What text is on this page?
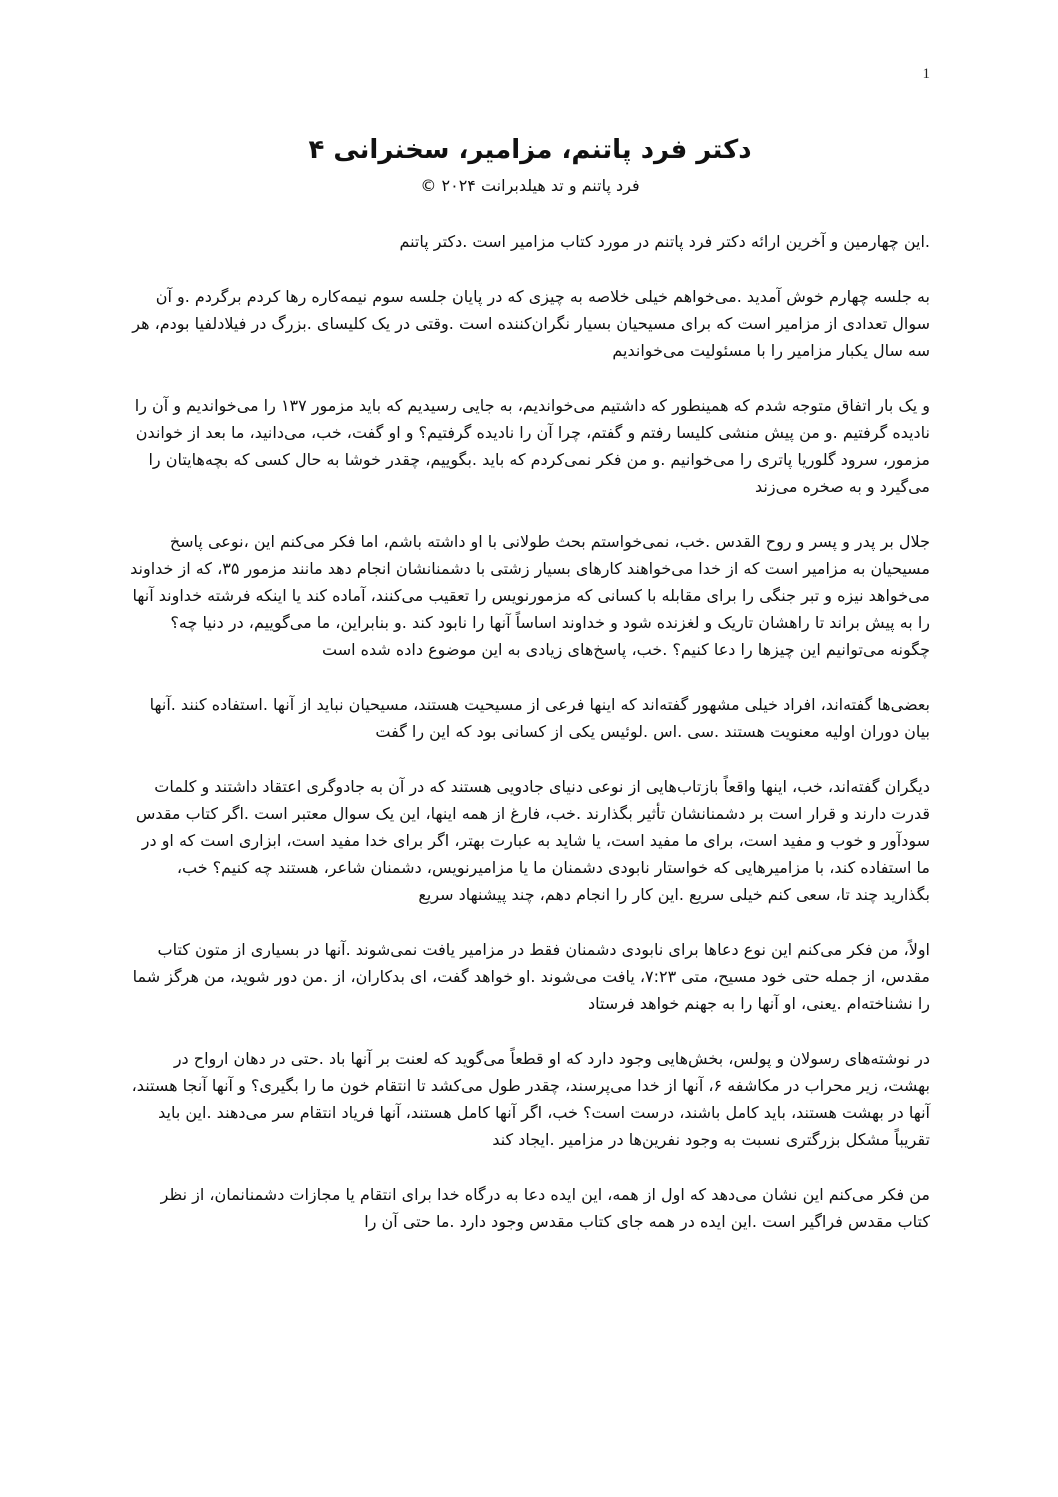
1
دکتر فرد پاتنم، مزامیر، سخنرانی ۴

فرد پاتنم و تد هیلدبرانت ۲۰۲۴ ©

.این چهارمین و آخرین ارائه دکتر فرد پاتنم در مورد کتاب مزامیر است .دکتر پاتنم

به جلسه چهارم خوش آمدید .می‌خواهم خیلی خلاصه به چیزی که در پایان جلسه سوم نیمه‌کاره رها کردم برگردم .و آن سوال تعدادی از مزامیر است که برای مسیحیان بسیار نگران‌کننده است .وقتی در یک کلیسای .بزرگ در فیلادلفیا بودم، هر سه سال یکبار مزامیر را با مسئولیت می‌خواندیم

و یک بار اتفاق متوجه شدم که همینطور که داشتیم می‌خواندیم، به جایی رسیدیم که باید مزمور ۱۳۷ را می‌خواندیم و آن را نادیده گرفتیم .و من پیش منشی کلیسا رفتم و گفتم، چرا آن را نادیده گرفتیم؟ و او گفت، خب، می‌دانید، ما بعد از خواندن مزمور، سرود گلوریا پاتری را می‌خوانیم .و من فکر نمی‌کردم که باید .بگوییم، چقدر خوشا به حال کسی که بچه‌هایتان را می‌گیرد و به صخره می‌زند

جلال بر پدر و پسر و روح القدس .خب، نمی‌خواستم بحث طولانی با او داشته باشم، اما فکر می‌کنم این ،نوعی پاسخ مسیحیان به مزامیر است که از خدا می‌خواهند کارهای بسیار زشتی با دشمنانشان انجام دهد مانند مزمور ۳۵، که از خداوند می‌خواهد نیزه و تبر جنگی را برای مقابله با کسانی که مزمورنویس را تعقیب می‌کنند، آماده کند یا اینکه فرشته خداوند آنها را به پیش براند تا راهشان تاریک و لغزنده شود و خداوند اساساً آنها را نابود کند .و بنابراین، ما می‌گوییم، در دنیا چه؟ چگونه می‌توانیم این چیزها را دعا کنیم؟ .خب، پاسخ‌های زیادی به این موضوع داده شده است

بعضی‌ها گفته‌اند، افراد خیلی مشهور گفته‌اند که اینها فرعی از مسیحیت هستند، مسیحیان نباید از آنها .استفاده کنند .آنها بیان دوران اولیه معنویت هستند .سی .اس .لوئیس یکی از کسانی بود که این را گفت

دیگران گفته‌اند، خب، اینها واقعاً بازتاب‌هایی از نوعی دنیای جادویی هستند که در آن به جادوگری اعتقاد داشتند و کلمات قدرت دارند و قرار است بر دشمنانشان تأثیر بگذارند .خب، فارغ از همه اینها، این یک سوال معتبر است .اگر کتاب مقدس سودآور و خوب و مفید است، برای ما مفید است، یا شاید به عبارت بهتر، اگر برای خدا مفید است، ابزاری است که او در ما استفاده کند، با مزامیرهایی که خواستار نابودی دشمنان ما یا مزامیرنویس، دشمنان شاعر، هستند چه کنیم؟ خب، بگذارید چند تا، سعی کنم خیلی سریع .این کار را انجام دهم، چند پیشنهاد سریع

اولاً، من فکر می‌کنم این نوع دعاها برای نابودی دشمنان فقط در مزامیر یافت نمی‌شوند .آنها در بسیاری از متون کتاب مقدس، از جمله حتی خود مسیح، متی ۷:۲۳، یافت می‌شوند .او خواهد گفت، ای بدکاران، از .من دور شوید، من هرگز شما را نشناخته‌ام .یعنی، او آنها را به جهنم خواهد فرستاد

در نوشته‌های رسولان و پولس، بخش‌هایی وجود دارد که او قطعاً می‌گوید که لعنت بر آنها باد .حتی در دهان ارواح در بهشت، زیر محراب در مکاشفه ۶، آنها از خدا می‌پرسند، چقدر طول می‌کشد تا انتقام خون ما را بگیری؟ و آنها آنجا هستند، آنها در بهشت هستند، باید کامل باشند، درست است؟ خب، اگر آنها کامل هستند، آنها فریاد انتقام سر می‌دهند .این باید تقریباً مشکل بزرگتری نسبت به وجود نفرین‌ها در مزامیر .ایجاد کند

من فکر می‌کنم این نشان می‌دهد که اول از همه، این ایده دعا به درگاه خدا برای انتقام یا مجازات دشمنانمان، از نظر کتاب مقدس فراگیر است .این ایده در همه جای کتاب مقدس وجود دارد .ما حتی آن را
